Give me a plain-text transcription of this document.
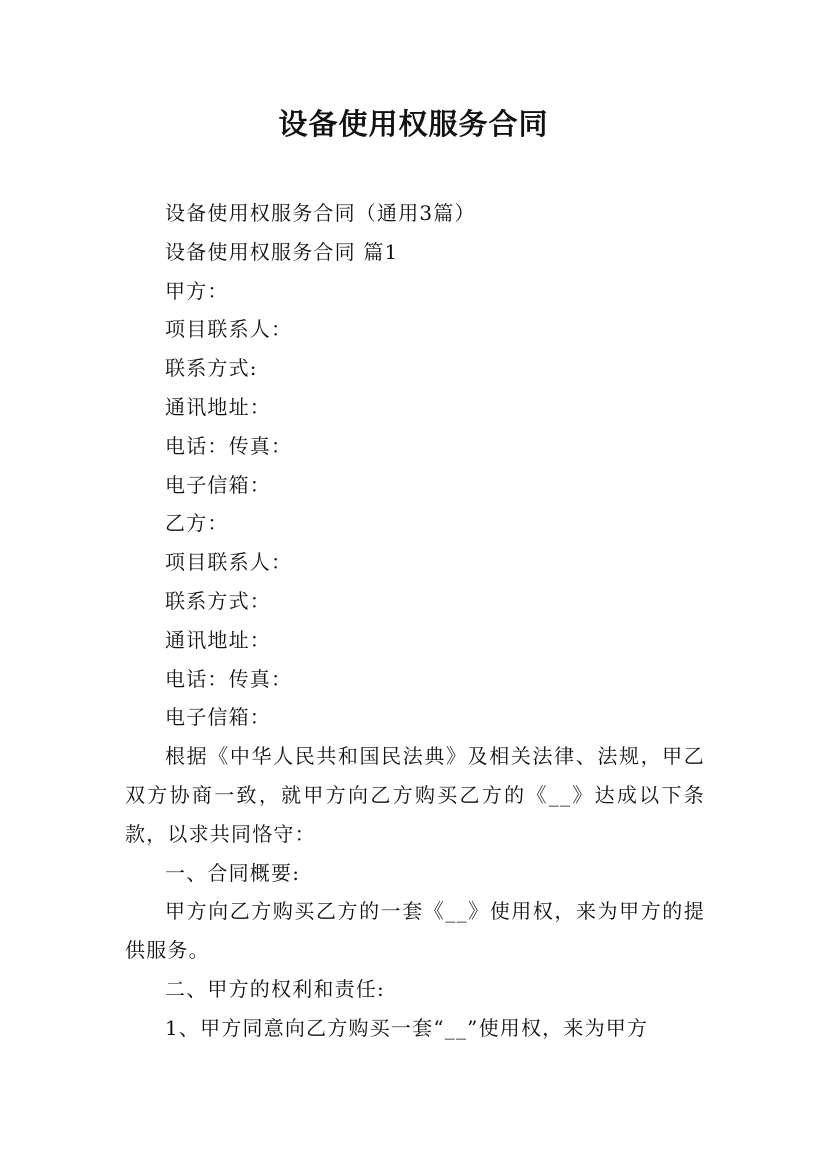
设备使用权服务合同

设备使用权服务合同（通用3篇）

设备使用权服务合同 篇1

甲方：

项目联系人：

联系方式:

通讯地址：

电话：传真：

电子信箱：

乙方：

项目联系人：

联系方式：

通讯地址：

电话：传真：

电子信箱：

根据《中华人民共和国民法典》及相关法律、法规，甲乙双方协商一致，就甲方向乙方购买乙方的《__》达成以下条款，以求共同恪守：

一、合同概要:

甲方向乙方购买乙方的一套《__》使用权，来为甲方的提供服务。

二、甲方的权利和责任:

1、甲方同意向乙方购买一套“__”使用权，来为甲方
